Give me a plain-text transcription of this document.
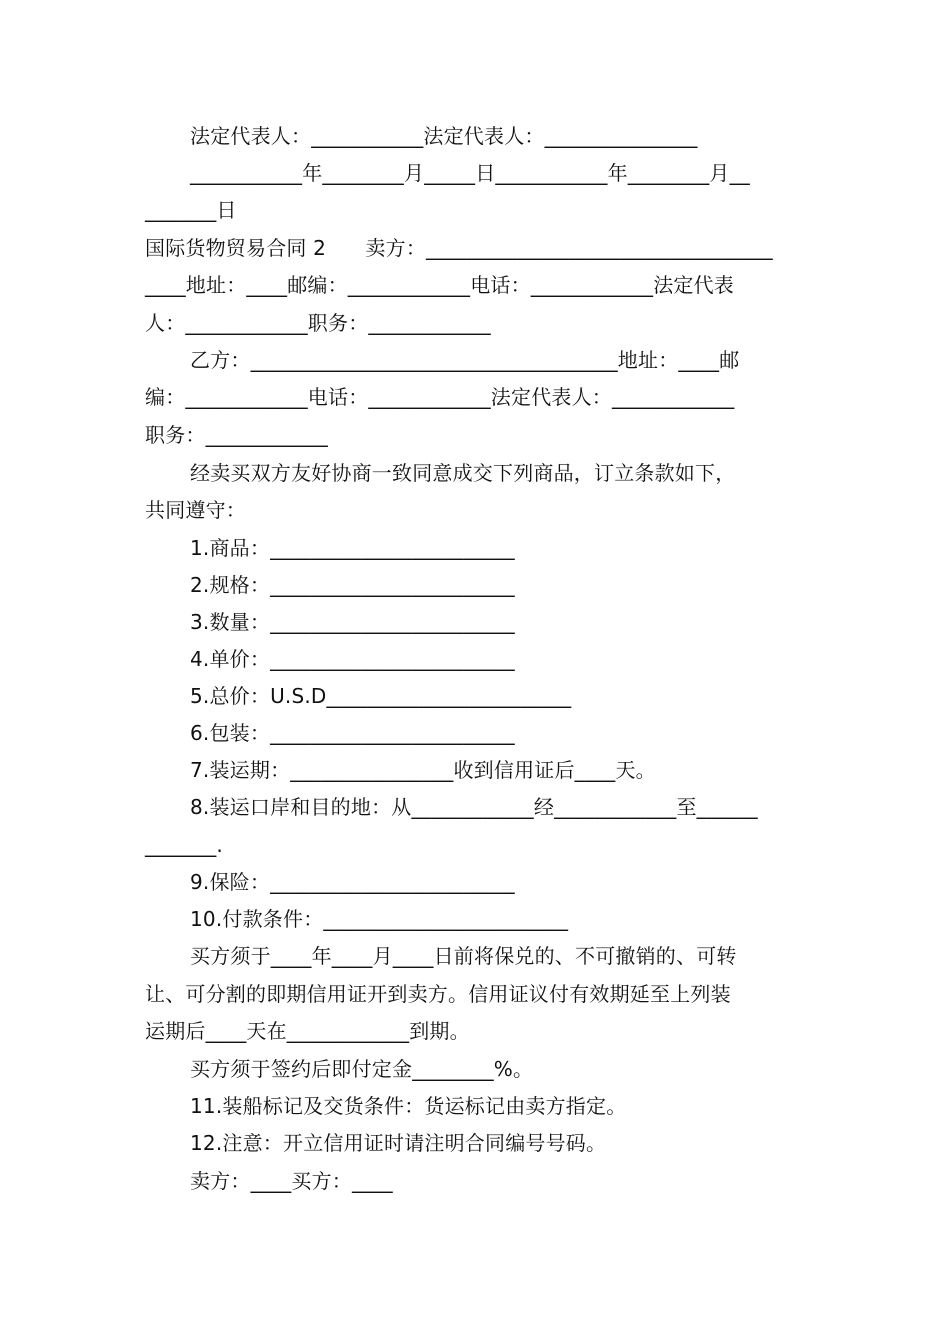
法定代表人：___________法定代表人：_______________
___________年________月_____日___________年________月__
_______日
国际货物贸易合同 2      卖方：__________________________________
____地址：____邮编：____________电话：____________法定代表
人：____________职务：____________
乙方：____________________________________地址：____邮
编：____________电话：____________法定代表人：____________
职务：____________
经卖买双方友好协商一致同意成交下列商品，订立条款如下，
共同遵守：
1.商品：________________________
2.规格：________________________
3.数量：________________________
4.单价：________________________
5.总价：U.S.D________________________
6.包装：________________________
7.装运期：________________收到信用证后____天。
8.装运口岸和目的地：从____________经____________至______
_______.
9.保险：________________________
10.付款条件：________________________
买方须于____年____月____日前将保兑的、不可撤销的、可转
让、可分割的即期信用证开到卖方。信用证议付有效期延至上列装
运期后____天在____________到期。
买方须于签约后即付定金________%。
11.装船标记及交货条件：货运标记由卖方指定。
12.注意：开立信用证时请注明合同编号号码。
卖方：____买方：____
